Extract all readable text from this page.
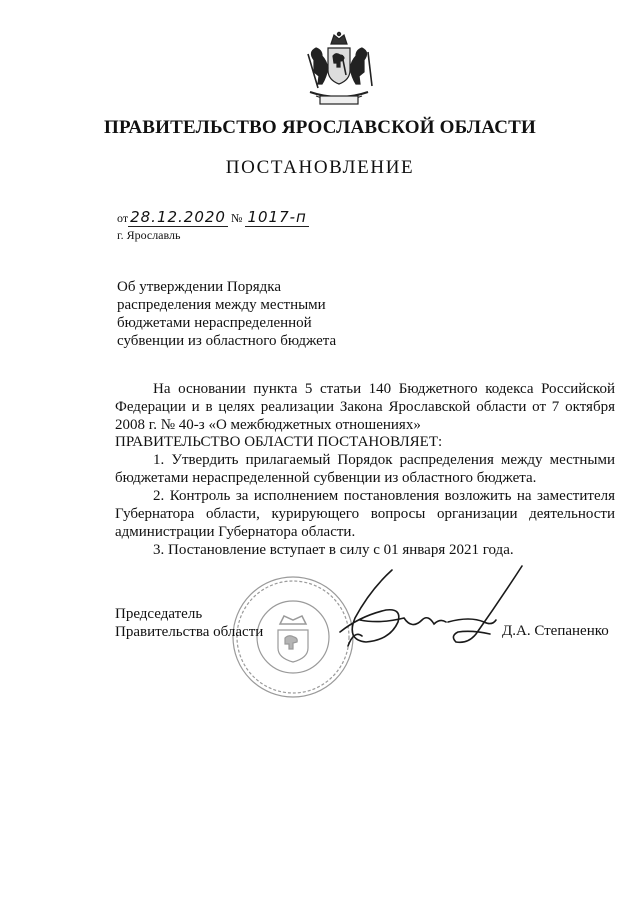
ПРАВИТЕЛЬСТВО ЯРОСЛАВСКОЙ ОБЛАСТИ
ПОСТАНОВЛЕНИЕ
от 28.12.2020 № 1017-п
г. Ярославль
Об утверждении Порядка
распределения между местными
бюджетами нераспределенной
субвенции из областного бюджета
На основании пункта 5 статьи 140 Бюджетного кодекса Российской Федерации и в целях реализации Закона Ярославской области от 7 октября 2008 г. № 40-з «О межбюджетных отношениях»
ПРАВИТЕЛЬСТВО ОБЛАСТИ ПОСТАНОВЛЯЕТ:
1. Утвердить прилагаемый Порядок распределения между местными бюджетами нераспределенной субвенции из областного бюджета.
2. Контроль за исполнением постановления возложить на заместителя Губернатора области, курирующего вопросы организации деятельности администрации Губернатора области.
3. Постановление вступает в силу с 01 января 2021 года.
Председатель
Правительства области	Д.А. Степаненко
